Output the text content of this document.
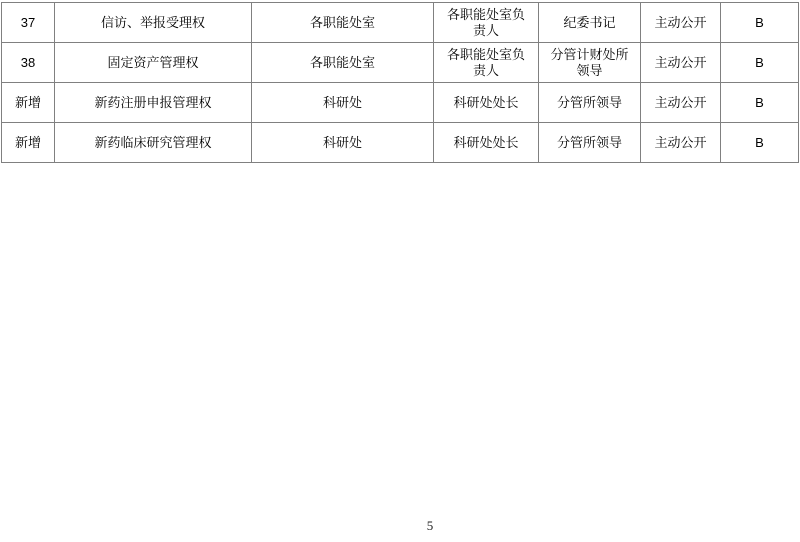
37	信访、举报受理权	各职能处室	各职能处室负责人	纪委书记	主动公开	B
38	固定资产管理权	各职能处室	各职能处室负责人	分管计财处所领导	主动公开	B
新增	新药注册申报管理权	科研处	科研处处长	分管所领导	主动公开	B
新增	新药临床研究管理权	科研处	科研处处长	分管所领导	主动公开	B
5
